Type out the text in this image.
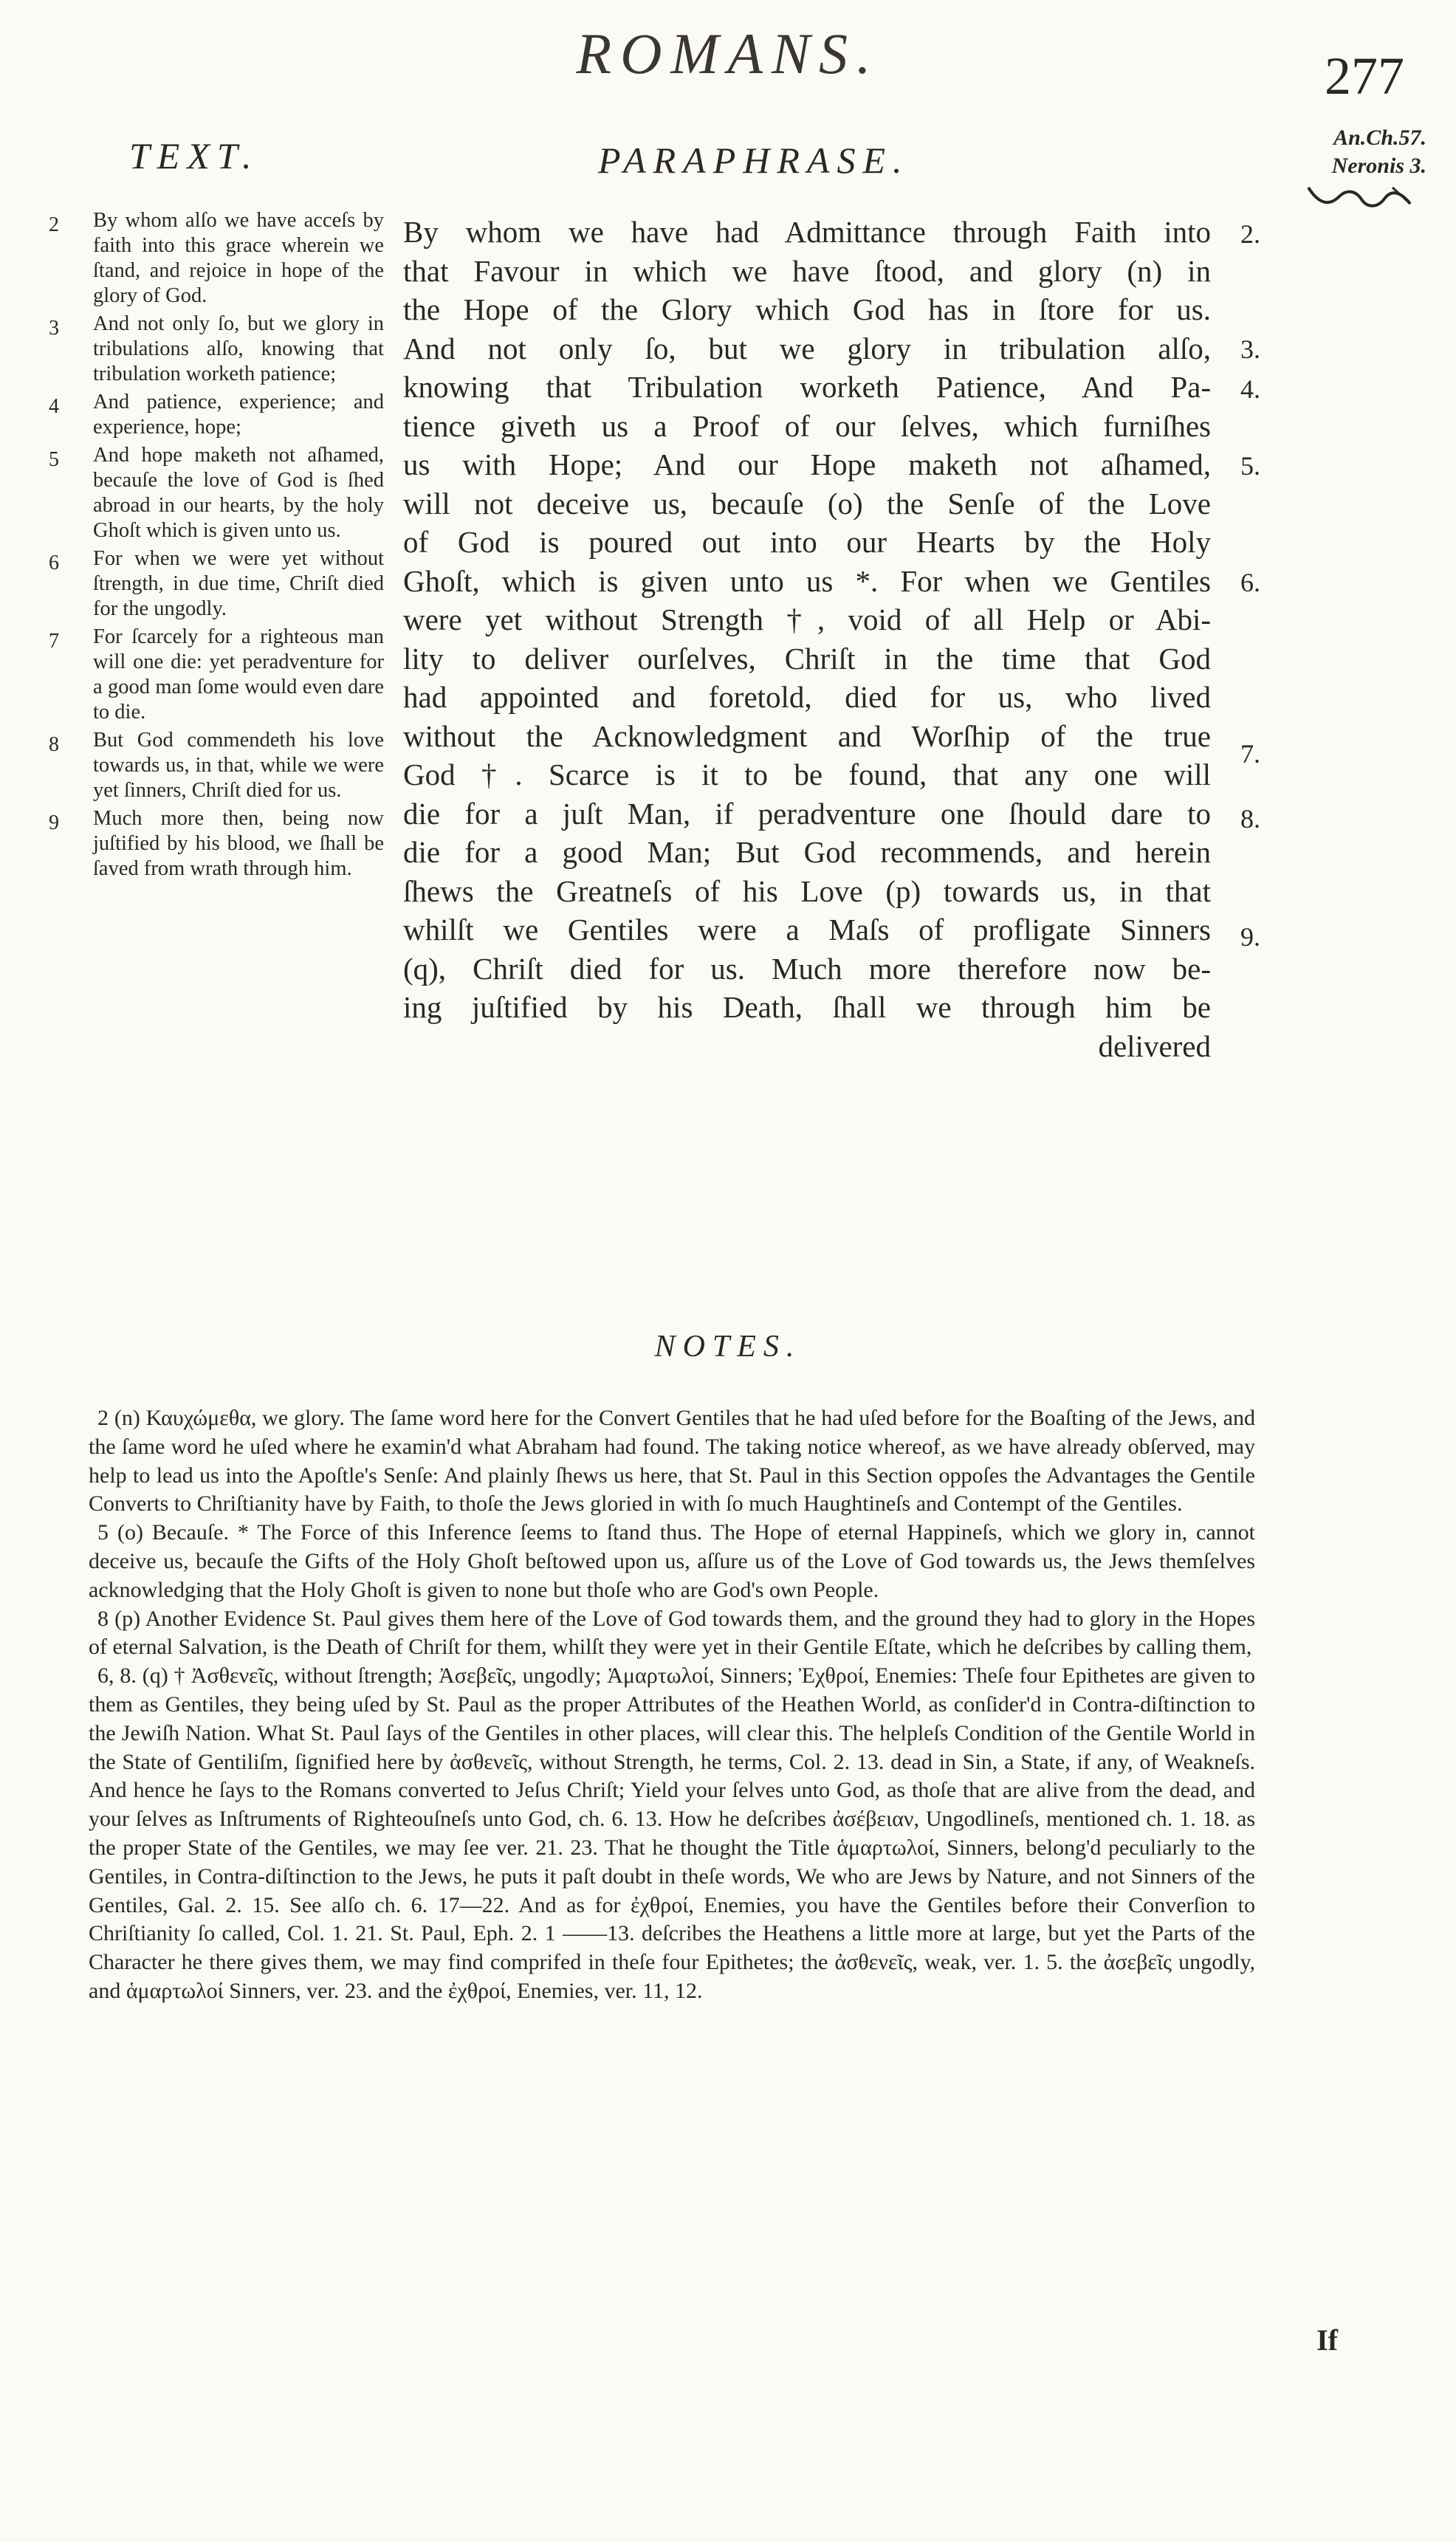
ROMANS.	277
An.Ch.57.
Neronis 3.
TEXT.	PARAPHRASE.
2 By whom alſo we have acceſs by faith into this grace wherein we ſtand, and rejoice in hope of the glory of God.
3 And not only ſo, but we glory in tribulations alſo, knowing that tribulation worketh patience;
4 And patience, experience; and experience, hope;
5 And hope maketh not aſhamed, becauſe the love of God is ſhed abroad in our hearts, by the holy Ghoſt which is given unto us.
6 For when we were yet without ſtrength, in due time, Chriſt died for the ungodly.
7 For ſcarcely for a righteous man will one die: yet peradventure for a good man ſome would even dare to die.
8 But God commendeth his love towards us, in that, while we were yet ſinners, Chriſt died for us.
9 Much more then, being now juſtified by his blood, we ſhall be ſaved from wrath through him.
By whom we have had Admittance through Faith into
that Favour in which we have ſtood, and glory (n) in
the Hope of the Glory which God has in ſtore for us.
And not only ſo, but we glory in tribulation alſo,
knowing that Tribulation worketh Patience, And Pa-
tience giveth us a Proof of our ſelves, which furniſhes
us with Hope; And our Hope maketh not aſhamed,
will not deceive us, becauſe (o) the Senſe of the Love
of God is poured out into our Hearts by the Holy
Ghoſt, which is given unto us *. For when we Gentiles
were yet without Strength †, void of all Help or Abi-
lity to deliver ourſelves, Chriſt in the time that God
had appointed and foretold, died for us, who lived
without the Acknowledgment and Worſhip of the true
God †. Scarce is it to be found, that any one will
die for a juſt Man, if peradventure one ſhould dare to
die for a good Man; But God recommends, and herein
ſhews the Greatneſs of his Love (p) towards us, in that
whilſt we Gentiles were a Maſs of profligate Sinners
(q), Chriſt died for us. Much more therefore now be-
ing juſtified by his Death, ſhall we through him be
delivered
2.
3.
4.
5.
6.
7.
8.
9.
NOTES.

2 (n) Καυχώμεθα, we glory. The ſame word here for the Convert Gentiles that he had uſed before for the Boaſting of the Jews, and the ſame word he uſed where he examin'd what Abraham had found. The taking notice whereof, as we have already obſerved, may help to lead us into the Apoſtle's Senſe: And plainly ſhews us here, that St. Paul in this Section oppoſes the Advantages the Gentile Converts to Chriſtianity have by Faith, to thoſe the Jews gloried in with ſo much Haughtineſs and Contempt of the Gentiles.

5 (o) Becauſe. * The Force of this Inference ſeems to ſtand thus. The Hope of eternal Happineſs, which we glory in, cannot deceive us, becauſe the Gifts of the Holy Ghoſt beſtowed upon us, aſſure us of the Love of God towards us, the Jews themſelves acknowledging that the Holy Ghoſt is given to none but thoſe who are God's own People.

8 (p) Another Evidence St. Paul gives them here of the Love of God towards them, and the ground they had to glory in the Hopes of eternal Salvation, is the Death of Chriſt for them, whilſt they were yet in their Gentile Eſtate, which he deſcribes by calling them,

6, 8. (q) † Ἀσθενεῖς, without ſtrength; Ἀσεβεῖς, ungodly; Ἁμαρτωλοί, Sinners; Ἐχθροί, Enemies: Theſe four Epithetes are given to them as Gentiles, they being uſed by St. Paul as the proper Attributes of the Heathen World, as conſider'd in Contra-diſtinction to the Jewiſh Nation. What St. Paul ſays of the Gentiles in other places, will clear this. The helpleſs Condition of the Gentile World in the State of Gentiliſm, ſignified here by ἀσθενεῖς, without Strength, he terms, Col. 2. 13. dead in Sin, a State, if any, of Weakneſs. And hence he ſays to the Romans converted to Jeſus Chriſt; Yield your ſelves unto God, as thoſe that are alive from the dead, and your ſelves as Inſtruments of Righteouſneſs unto God, ch. 6. 13. How he deſcribes ἀσέβειαν, Ungodlineſs, mentioned ch. 1. 18. as the proper State of the Gentiles, we may ſee ver. 21. 23. That he thought the Title ἁμαρτωλοί, Sinners, belong'd peculiarly to the Gentiles, in Contra-diſtinction to the Jews, he puts it paſt doubt in theſe words, We who are Jews by Nature, and not Sinners of the Gentiles, Gal. 2. 15. See alſo ch. 6. 17—22. And as for ἐχθροί, Enemies, you have the Gentiles before their Converſion to Chriſtianity ſo called, Col. 1. 21. St. Paul, Eph. 2. 1 ——13. deſcribes the Heathens a little more at large, but yet the Parts of the Character he there gives them, we may find comprifed in theſe four Epithetes; the ἀσθενεῖς, weak, ver. 1. 5. the ἀσεβεῖς ungodly, and ἁμαρτωλοί Sinners, ver. 23. and the ἐχθροί, Enemies, ver. 11, 12.

If
